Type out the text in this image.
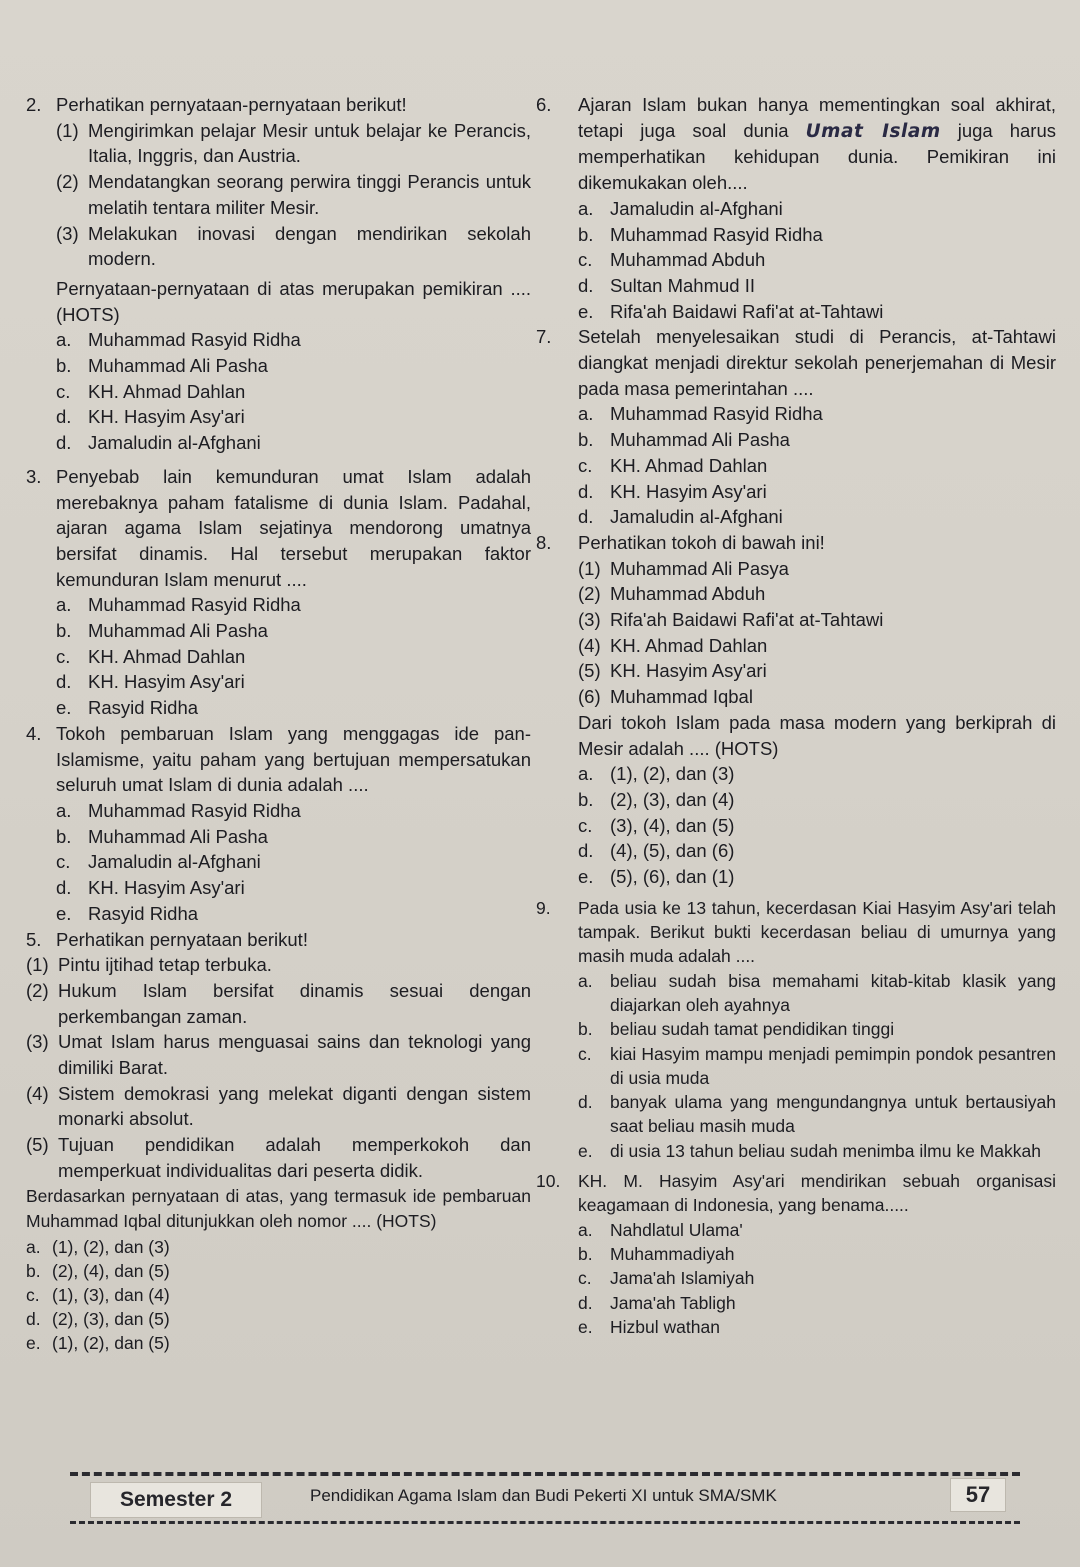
2. Perhatikan pernyataan-pernyataan berikut!
(1) Mengirimkan pelajar Mesir untuk belajar ke Perancis, Italia, Inggris, dan Austria.
(2) Mendatangkan seorang perwira tinggi Perancis untuk melatih tentara militer Mesir.
(3) Melakukan inovasi dengan mendirikan sekolah modern.
Pernyataan-pernyataan di atas merupakan pemikiran .... (HOTS)
a. Muhammad Rasyid Ridha
b. Muhammad Ali Pasha
c. KH. Ahmad Dahlan
d. KH. Hasyim Asy'ari
d. Jamaludin al-Afghani
3. Penyebab lain kemunduran umat Islam adalah merebaknya paham fatalisme di dunia Islam. Padahal, ajaran agama Islam sejatinya mendorong umatnya bersifat dinamis. Hal tersebut merupakan faktor kemunduran Islam menurut ....
a. Muhammad Rasyid Ridha
b. Muhammad Ali Pasha
c. KH. Ahmad Dahlan
d. KH. Hasyim Asy'ari
e. Rasyid Ridha
4. Tokoh pembaruan Islam yang menggagas ide pan-Islamisme, yaitu paham yang bertujuan mempersatukan seluruh umat Islam di dunia adalah ....
a. Muhammad Rasyid Ridha
b. Muhammad Ali Pasha
c. Jamaludin al-Afghani
d. KH. Hasyim Asy'ari
e. Rasyid Ridha
5. Perhatikan pernyataan berikut!
(1) Pintu ijtihad tetap terbuka.
(2) Hukum Islam bersifat dinamis sesuai dengan perkembangan zaman.
(3) Umat Islam harus menguasai sains dan teknologi yang dimiliki Barat.
(4) Sistem demokrasi yang melekat diganti dengan sistem monarki absolut.
(5) Tujuan pendidikan adalah memperkokoh dan memperkuat individualitas dari peserta didik.
Berdasarkan pernyataan di atas, yang termasuk ide pembaruan Muhammad Iqbal ditunjukkan oleh nomor .... (HOTS)
a. (1), (2), dan (3)
b. (2), (4), dan (5)
c. (1), (3), dan (4)
d. (2), (3), dan (5)
e. (1), (2), dan (5)
6.	Ajaran Islam bukan hanya mementingkan soal akhirat, tetapi juga soal dunia Umat Islam juga harus memperhatikan kehidupan dunia. Pemikiran ini dikemukakan oleh....
a. Jamaludin al-Afghani
b. Muhammad Rasyid Ridha
c. Muhammad Abduh
d. Sultan Mahmud II
e. Rifa'ah Baidawi Rafi'at at-Tahtawi
7.	Setelah menyelesaikan studi di Perancis, at-Tahtawi diangkat menjadi direktur sekolah penerjemahan di Mesir pada masa pemerintahan ....
a. Muhammad Rasyid Ridha
b. Muhammad Ali Pasha
c. KH. Ahmad Dahlan
d. KH. Hasyim Asy'ari
d. Jamaludin al-Afghani
8.	Perhatikan tokoh di bawah ini!
(1) Muhammad Ali Pasya
(2) Muhammad Abduh
(3) Rifa'ah Baidawi Rafi'at at-Tahtawi
(4) KH. Ahmad Dahlan
(5) KH. Hasyim Asy'ari
(6) Muhammad Iqbal
Dari tokoh Islam pada masa modern yang berkiprah di Mesir adalah .... (HOTS)
a. (1), (2), dan (3)
b. (2), (3), dan (4)
c. (3), (4), dan (5)
d. (4), (5), dan (6)
e. (5), (6), dan (1)
9.	Pada usia ke 13 tahun, kecerdasan Kiai Hasyim Asy'ari telah tampak. Berikut bukti kecerdasan beliau di umurnya yang masih muda adalah ....
a. beliau sudah bisa memahami kitab-kitab klasik yang diajarkan oleh ayahnya
b. beliau sudah tamat pendidikan tinggi
c.	kiai Hasyim mampu menjadi pemimpin pondok pesantren di usia muda
d. banyak ulama yang mengundangnya untuk bertausiyah saat beliau masih muda
e. di usia 13 tahun beliau sudah menimba ilmu ke Makkah
10.	KH. M. Hasyim Asy'ari mendirikan sebuah organisasi keagamaan di Indonesia, yang benama.....
a. Nahdlatul Ulama'
b. Muhammadiyah
c.	Jama'ah Islamiyah
d. Jama'ah Tabligh
e. Hizbul wathan
Semester 2	Pendidikan Agama Islam dan Budi Pekerti XI untuk SMA/SMK	57
